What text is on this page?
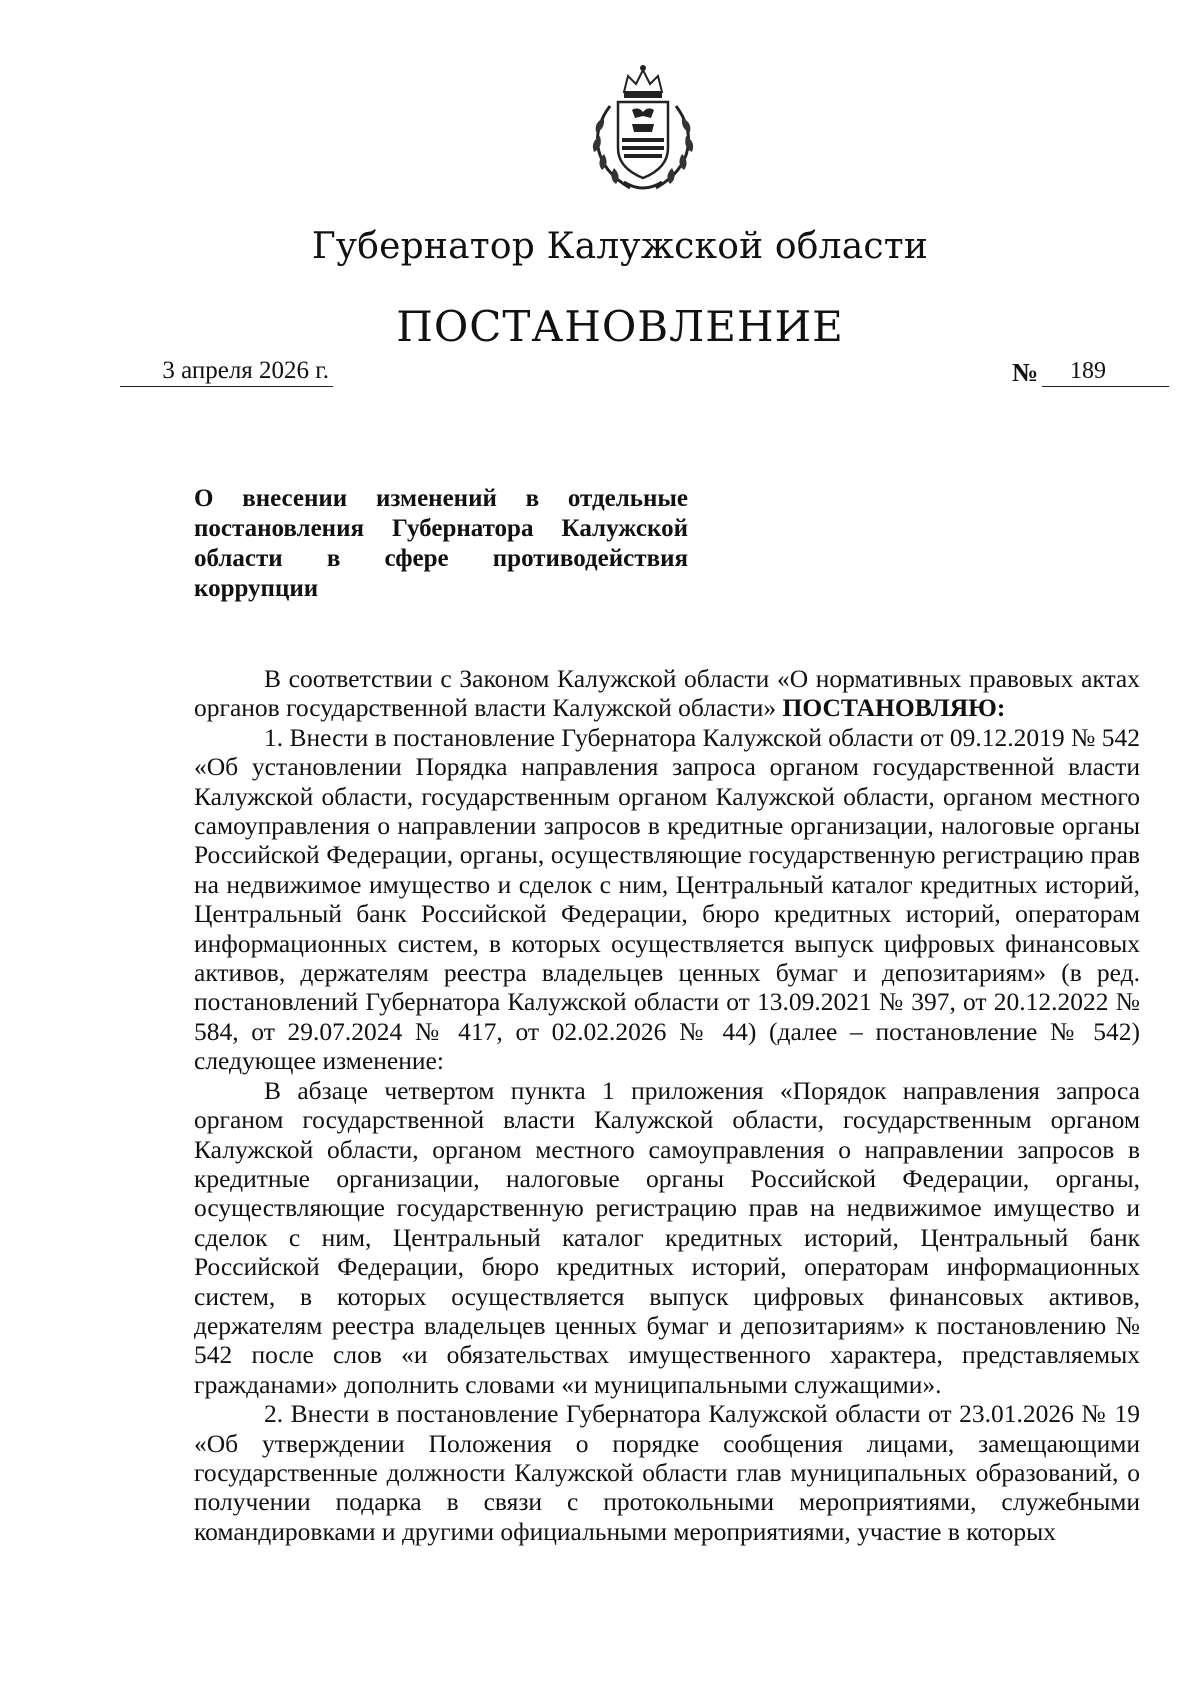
Губернатор Калужской области
ПОСТАНОВЛЕНИЕ
3 апреля 2026 г.	№	189
О внесении изменений в отдельные постановления Губернатора Калужской области в сфере противодействия коррупции

В соответствии с Законом Калужской области «О нормативных правовых актах органов государственной власти Калужской области» ПОСТАНОВЛЯЮ:

1. Внести в постановление Губернатора Калужской области от 09.12.2019 № 542 «Об установлении Порядка направления запроса органом государственной власти Калужской области, государственным органом Калужской области, органом местного самоуправления о направлении запросов в кредитные организации, налоговые органы Российской Федерации, органы, осуществляющие государственную регистрацию прав на недвижимое имущество и сделок с ним, Центральный каталог кредитных историй, Центральный банк Российской Федерации, бюро кредитных историй, операторам информационных систем, в которых осуществляется выпуск цифровых финансовых активов, держателям реестра владельцев ценных бумаг и депозитариям» (в ред. постановлений Губернатора Калужской области от 13.09.2021 № 397, от 20.12.2022 № 584, от 29.07.2024 № 417, от 02.02.2026 № 44) (далее – постановление № 542) следующее изменение:

В абзаце четвертом пункта 1 приложения «Порядок направления запроса органом государственной власти Калужской области, государственным органом Калужской области, органом местного самоуправления о направлении запросов в кредитные организации, налоговые органы Российской Федерации, органы, осуществляющие государственную регистрацию прав на недвижимое имущество и сделок с ним, Центральный каталог кредитных историй, Центральный банк Российской Федерации, бюро кредитных историй, операторам информационных систем, в которых осуществляется выпуск цифровых финансовых активов, держателям реестра владельцев ценных бумаг и депозитариям» к постановлению № 542 после слов «и обязательствах имущественного характера, представляемых гражданами» дополнить словами «и муниципальными служащими».

2. Внести в постановление Губернатора Калужской области от 23.01.2026 № 19 «Об утверждении Положения о порядке сообщения лицами, замещающими государственные должности Калужской области глав муниципальных образований, о получении подарка в связи с протокольными мероприятиями, служебными командировками и другими официальными мероприятиями, участие в которых
